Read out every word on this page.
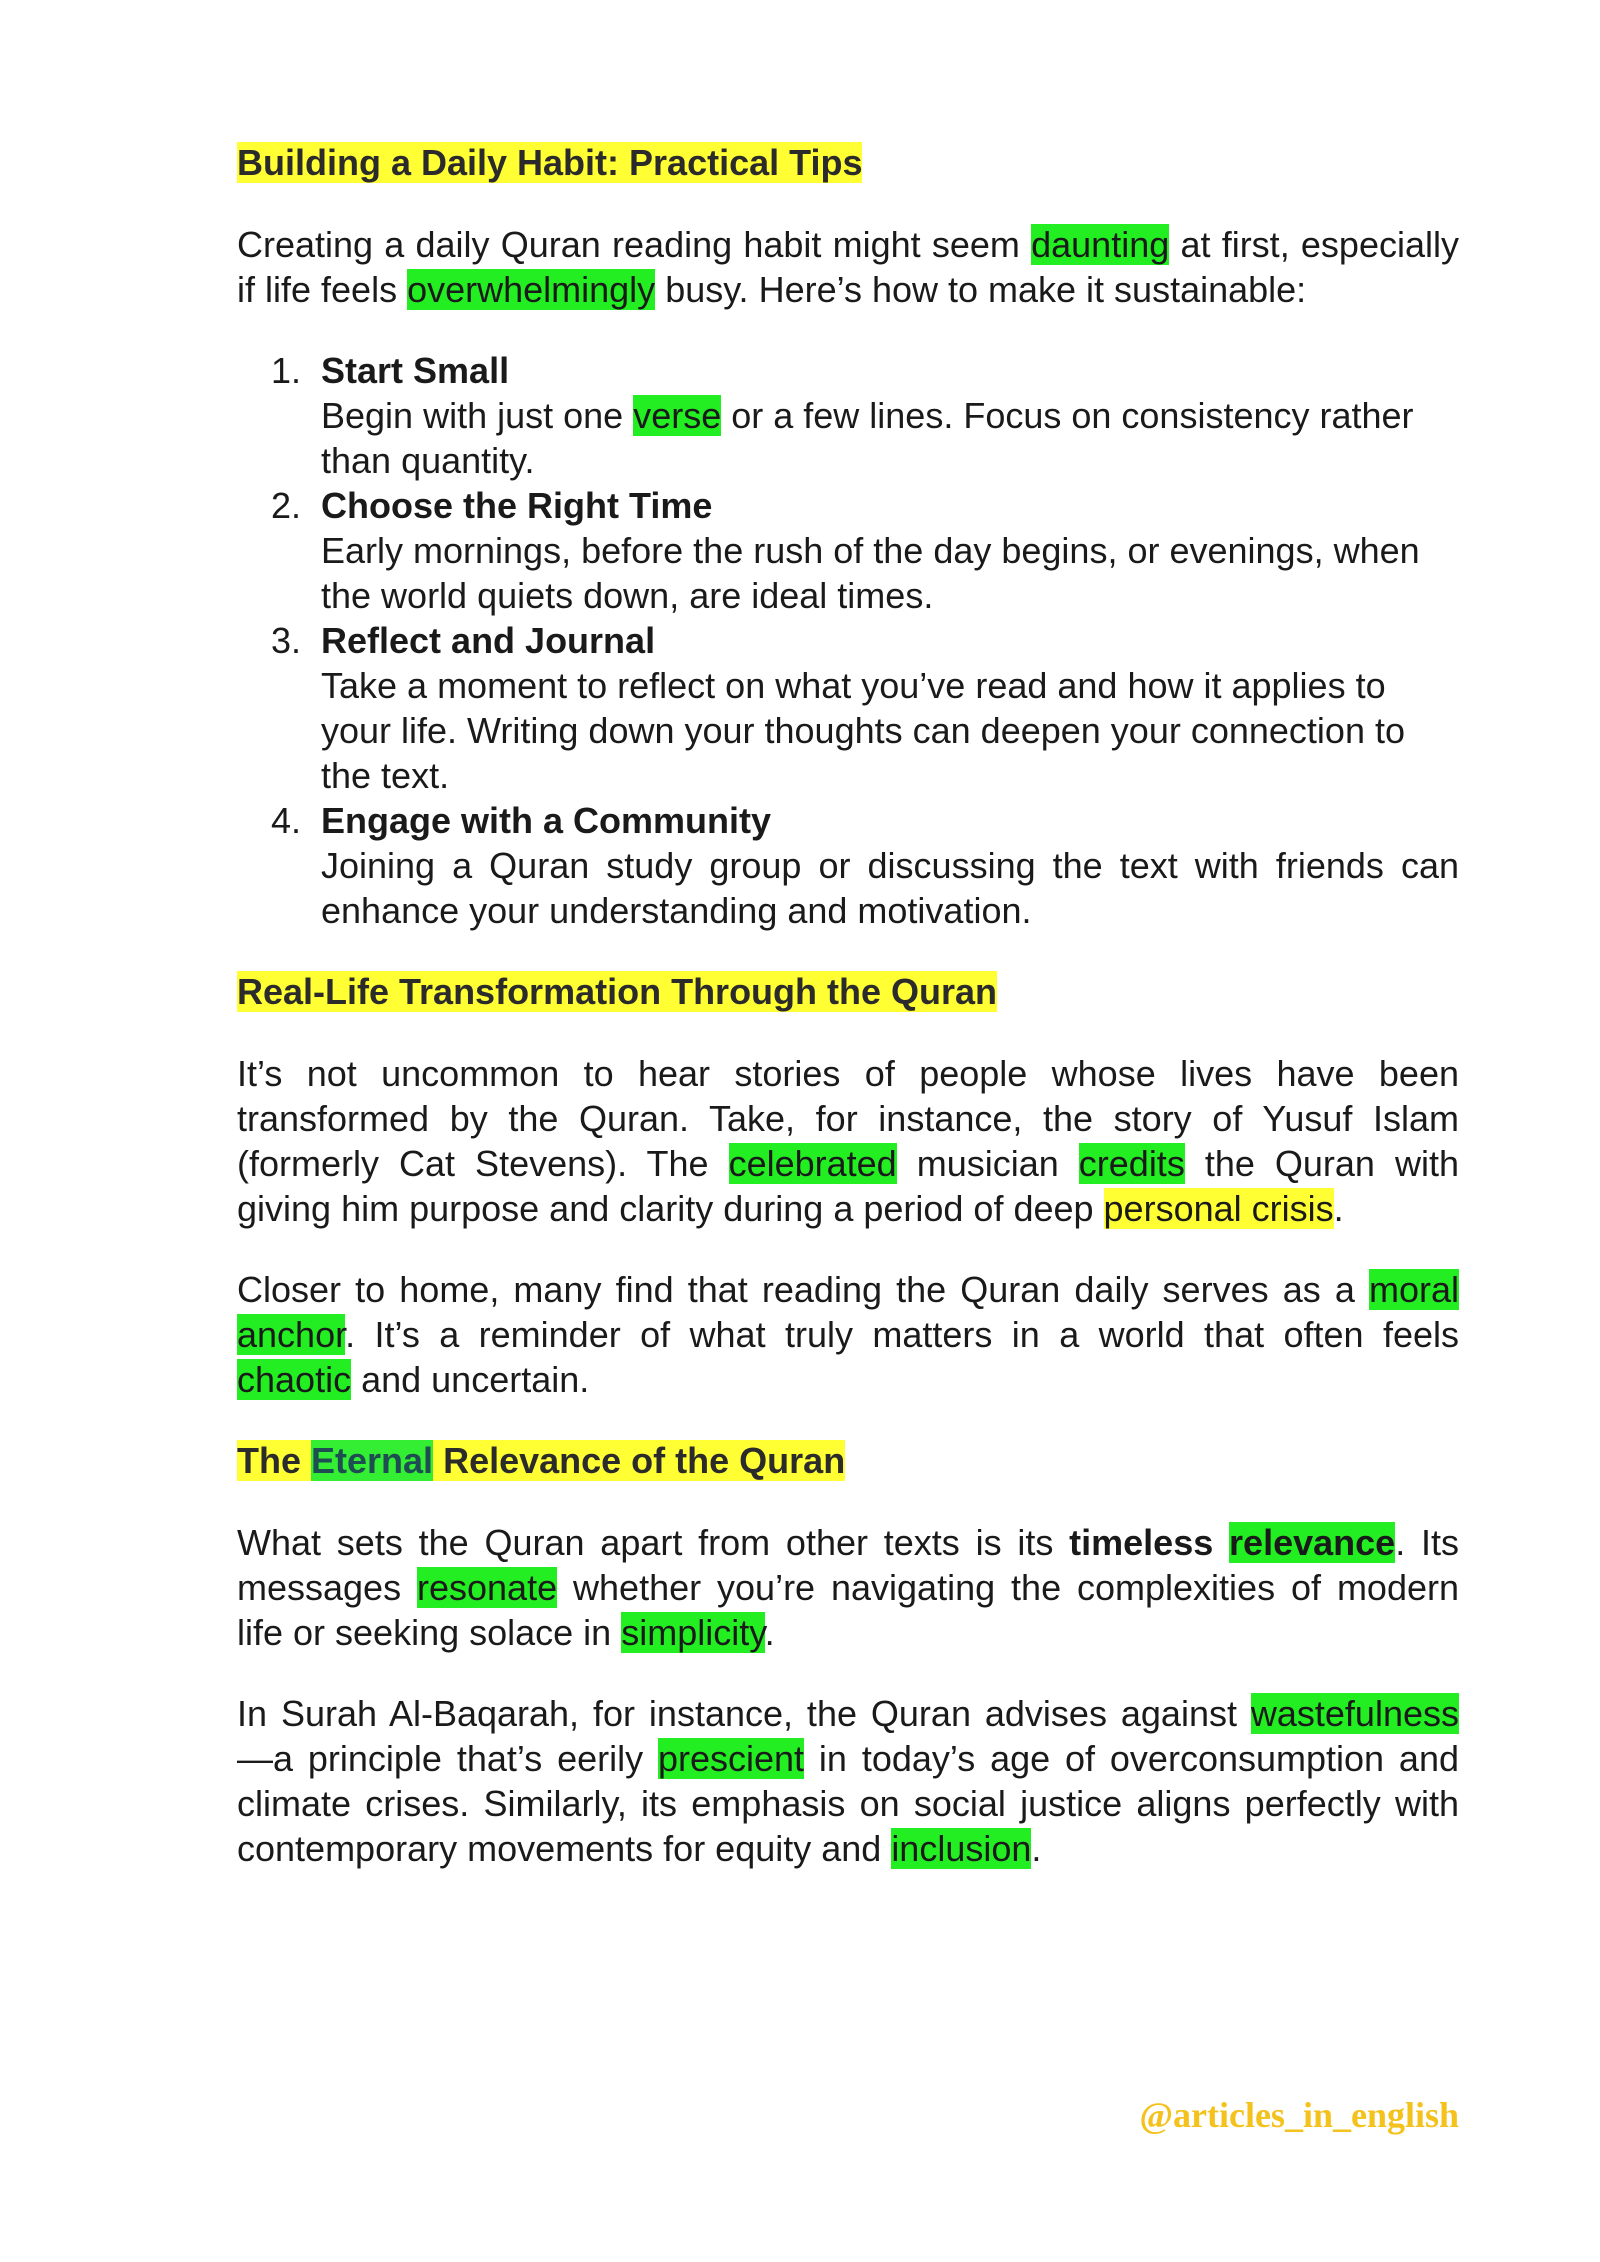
Building a Daily Habit: Practical Tips

Creating a daily Quran reading habit might seem daunting at first, especially if life feels overwhelmingly busy. Here’s how to make it sustainable:

1. Start Small
Begin with just one verse or a few lines. Focus on consistency rather than quantity.
2. Choose the Right Time
Early mornings, before the rush of the day begins, or evenings, when the world quiets down, are ideal times.
3. Reflect and Journal
Take a moment to reflect on what you’ve read and how it applies to your life. Writing down your thoughts can deepen your connection to the text.
4. Engage with a Community
Joining a Quran study group or discussing the text with friends can enhance your understanding and motivation.
Real-Life Transformation Through the Quran

It’s not uncommon to hear stories of people whose lives have been transformed by the Quran. Take, for instance, the story of Yusuf Islam (formerly Cat Stevens). The celebrated musician credits the Quran with giving him purpose and clarity during a period of deep personal crisis.

Closer to home, many find that reading the Quran daily serves as a moral anchor. It’s a reminder of what truly matters in a world that often feels chaotic and uncertain.

The Eternal Relevance of the Quran

What sets the Quran apart from other texts is its timeless relevance. Its messages resonate whether you’re navigating the complexities of modern life or seeking solace in simplicity.

In Surah Al-Baqarah, for instance, the Quran advises against wastefulness—a principle that’s eerily prescient in today’s age of overconsumption and climate crises. Similarly, its emphasis on social justice aligns perfectly with contemporary movements for equity and inclusion.

@articles_in_english
